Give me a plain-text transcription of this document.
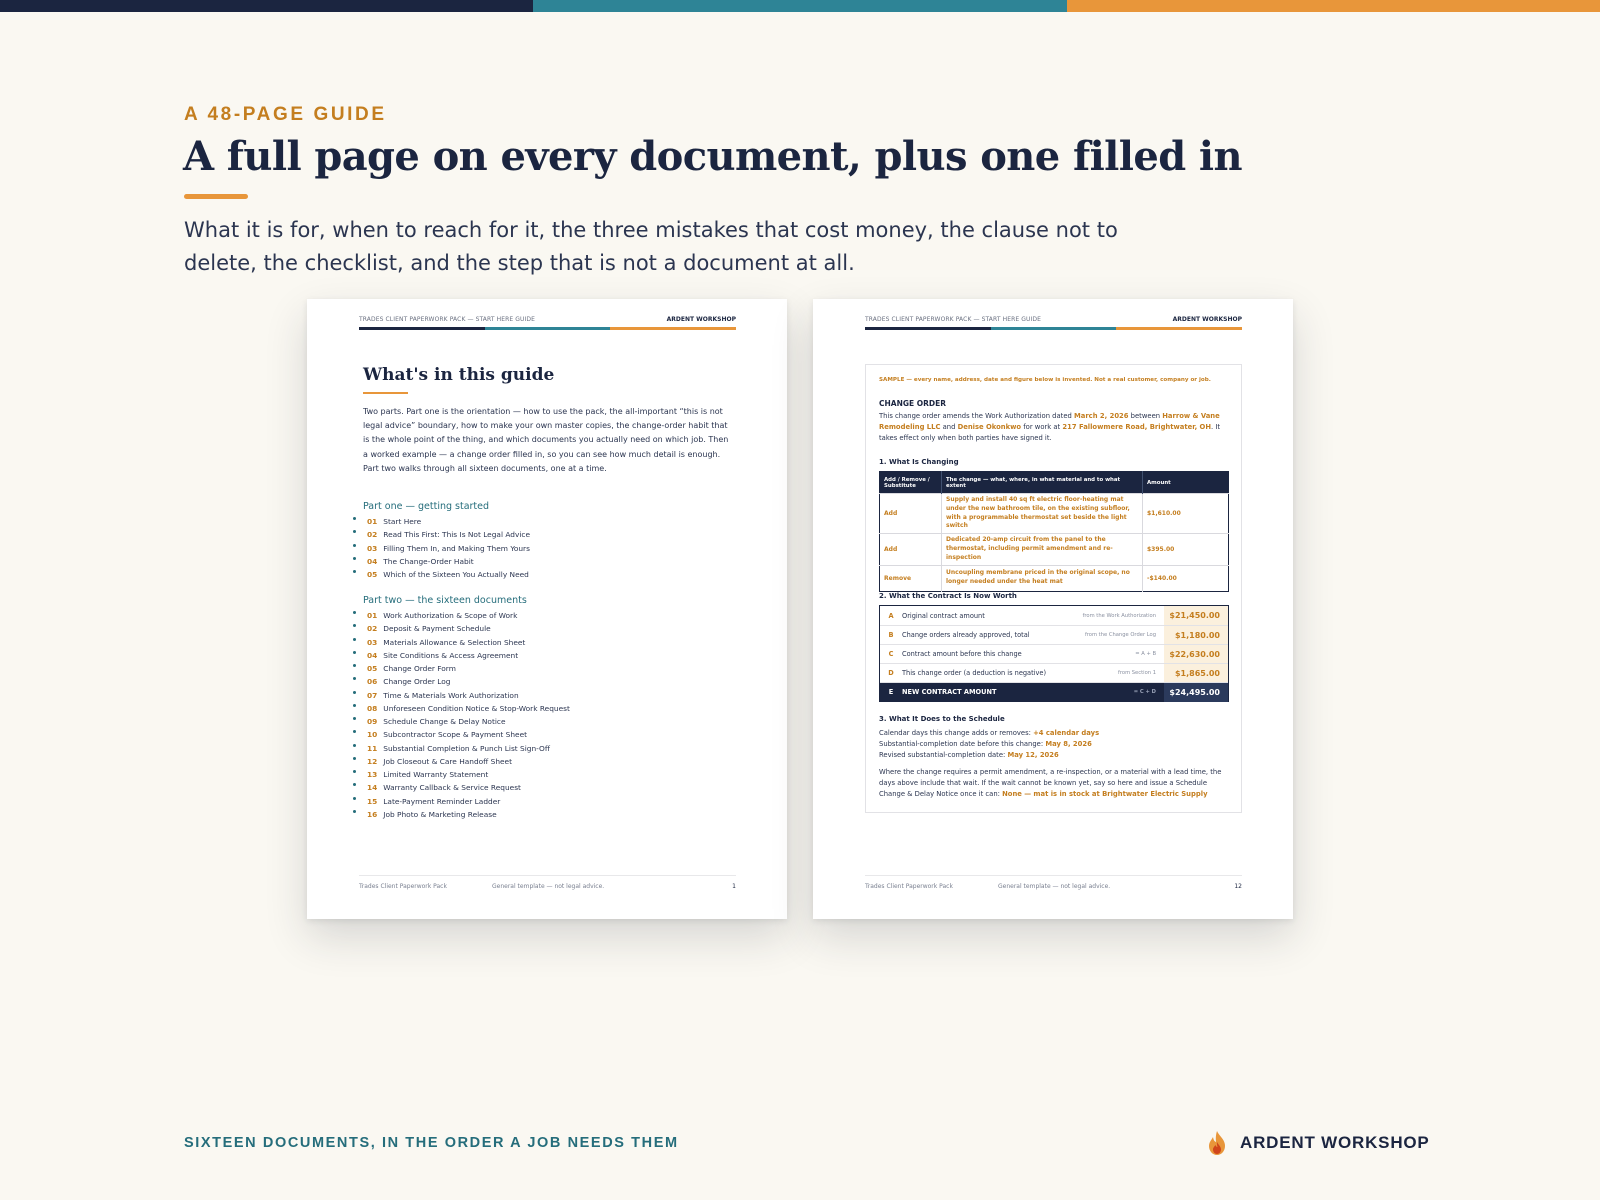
A 48-PAGE GUIDE
A full page on every document, plus one filled in
What it is for, when to reach for it, the three mistakes that cost money, the clause not to delete, the checklist, and the step that is not a document at all.
TRADES CLIENT PAPERWORK PACK — START HERE GUIDE	ARDENT WORKSHOP
What's in this guide
Two parts. Part one is the orientation — how to use the pack, the all-important “this is not legal advice” boundary, how to make your own master copies, the change-order habit that is the whole point of the thing, and which documents you actually need on which job. Then a worked example — a change order filled in, so you can see how much detail is enough. Part two walks through all sixteen documents, one at a time.
Part one — getting started
01 Start Here
02 Read This First: This Is Not Legal Advice
03 Filling Them In, and Making Them Yours
04 The Change-Order Habit
05 Which of the Sixteen You Actually Need
Part two — the sixteen documents
01 Work Authorization & Scope of Work
02 Deposit & Payment Schedule
03 Materials Allowance & Selection Sheet
04 Site Conditions & Access Agreement
05 Change Order Form
06 Change Order Log
07 Time & Materials Work Authorization
08 Unforeseen Condition Notice & Stop-Work Request
09 Schedule Change & Delay Notice
10 Subcontractor Scope & Payment Sheet
11 Substantial Completion & Punch List Sign-Off
12 Job Closeout & Care Handoff Sheet
13 Limited Warranty Statement
14 Warranty Callback & Service Request
15 Late-Payment Reminder Ladder
16 Job Photo & Marketing Release
Trades Client Paperwork Pack	General template — not legal advice.	1
TRADES CLIENT PAPERWORK PACK — START HERE GUIDE	ARDENT WORKSHOP
SAMPLE — every name, address, date and figure below is invented. Not a real customer, company or job.
CHANGE ORDER
This change order amends the Work Authorization dated March 2, 2026 between Harrow & Vane Remodeling LLC and Denise Okonkwo for work at 217 Fallowmere Road, Brightwater, OH. It takes effect only when both parties have signed it.
1. What Is Changing
Add / Remove / Substitute	The change — what, where, in what material and to what extent	Amount
Add	Supply and install 40 sq ft electric floor-heating mat under the new bathroom tile, on the existing subfloor, with a programmable thermostat set beside the light switch	$1,610.00
Add	Dedicated 20-amp circuit from the panel to the thermostat, including permit amendment and re-inspection	$395.00
Remove	Uncoupling membrane priced in the original scope, no longer needed under the heat mat	-$140.00
2. What the Contract Is Now Worth
A	Original contract amount	from the Work Authorization	$21,450.00
B	Change orders already approved, total	from the Change Order Log	$1,180.00
C	Contract amount before this change	= A + B	$22,630.00
D	This change order (a deduction is negative)	from Section 1	$1,865.00
E	NEW CONTRACT AMOUNT	= C + D	$24,495.00
3. What It Does to the Schedule

Calendar days this change adds or removes: +4 calendar days

Substantial-completion date before this change: May 8, 2026

Revised substantial-completion date: May 12, 2026

Where the change requires a permit amendment, a re-inspection, or a material with a lead time, the days above include that wait. If the wait cannot be known yet, say so here and issue a Schedule Change & Delay Notice once it can: None — mat is in stock at Brightwater Electric Supply

Trades Client Paperwork Pack	General template — not legal advice.	12
SIXTEEN DOCUMENTS, IN THE ORDER A JOB NEEDS THEM	ARDENT WORKSHOP
